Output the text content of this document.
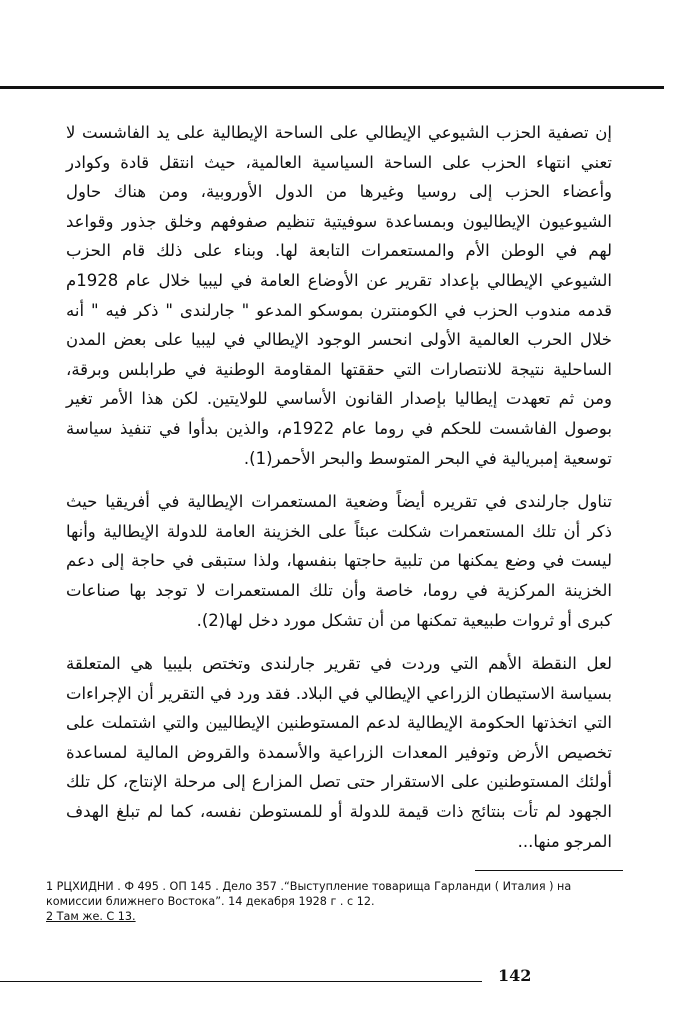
إن تصفية الحزب الشيوعي الإيطالي على الساحة الإيطالية على يد الفاشست لا تعني انتهاء الحزب على الساحة السياسية العالمية، حيث انتقل قادة وكوادر وأعضاء الحزب إلى روسيا وغيرها من الدول الأوروبية، ومن هناك حاول الشيوعيون الإيطاليون وبمساعدة سوفيتية تنظيم صفوفهم وخلق جذور وقواعد لهم في الوطن الأم والمستعمرات التابعة لها. وبناء على ذلك قام الحزب الشيوعي الإيطالي بإعداد تقرير عن الأوضاع العامة في ليبيا خلال عام 1928م قدمه مندوب الحزب في الكومنترن بموسكو المدعو " جارلندى " ذكر فيه " أنه خلال الحرب العالمية الأولى انحسر الوجود الإيطالي في ليبيا على بعض المدن الساحلية نتيجة للانتصارات التي حققتها المقاومة الوطنية في طرابلس وبرقة، ومن ثم تعهدت إيطاليا بإصدار القانون الأساسي للولايتين. لكن هذا الأمر تغير بوصول الفاشست للحكم في روما عام 1922م، والذين بدأوا في تنفيذ سياسة توسعية إمبريالية في البحر المتوسط والبحر الأحمر(1).

تناول جارلندى في تقريره أيضاً وضعية المستعمرات الإيطالية في أفريقيا حيث ذكر أن تلك المستعمرات شكلت عبئاً على الخزينة العامة للدولة الإيطالية وأنها ليست في وضع يمكنها من تلبية حاجتها بنفسها، ولذا ستبقى في حاجة إلى دعم الخزينة المركزية في روما، خاصة وأن تلك المستعمرات لا توجد بها صناعات كبرى أو ثروات طبيعية تمكنها من أن تشكل مورد دخل لها(2).

لعل النقطة الأهم التي وردت في تقرير جارلندى وتختص بليبيا هي المتعلقة بسياسة الاستيطان الزراعي الإيطالي في البلاد. فقد ورد في التقرير أن الإجراءات التي اتخذتها الحكومة الإيطالية لدعم المستوطنين الإيطاليين والتي اشتملت على تخصيص الأرض وتوفير المعدات الزراعية والأسمدة والقروض المالية لمساعدة أولئك المستوطنين على الاستقرار حتى تصل المزارع إلى مرحلة الإنتاج، كل تلك الجهود لم تأت بنتائج ذات قيمة للدولة أو للمستوطن نفسه، كما لم تبلغ الهدف المرجو منها...

1 РЦХИДНИ . Ф 495 . ОП 145 . Дело 357 .“Выступление товарища Гарланди ( Италия ) на комиссии ближнего Востока”. 14 декабря 1928 г . с 12.

2 Там же. С 13.

142
